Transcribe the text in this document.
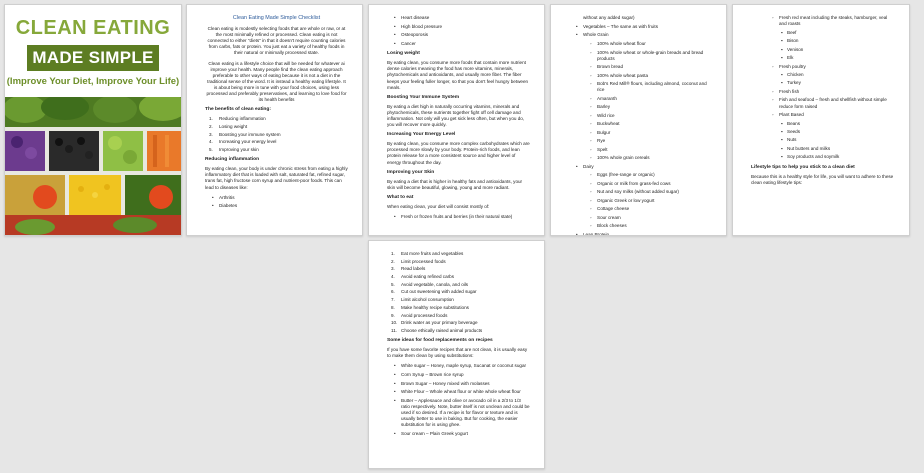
CLEAN EATING
MADE SIMPLE
(Improve Your Diet, Improve Your Life)
Clean Eating Made Simple Checklist
Clean eating is modestly selecting foods that are whole or raw, or at the most minimally refined or processed. Clean eating is not connected to either "diets" in that it doesn't require counting calories from carbs, fats or protein. You just eat a variety of healthy foods in their natural or minimally processed state.
Clean eating is a lifestyle choice that will be needed for whatever ai improve your health. Many people find the clean eating approach preferable to other ways of eating because it is not a diet in the traditional sense of the word. It is instead a healthy eating lifestyle. It is about being more in tune with your food choices, using less processed and preferably preservatives, and learning to love food for its health benefits
The benefits of clean eating:
1. Reducing inflammation
2. Losing weight
3. Boosting your immune system
4. Increasing your energy level
5. Improving your skin
Reducing inflammation
By eating clean, your body is under chronic stress from eating a highly inflammatory diet that is loaded with salt, saturated fat, refined sugar, trans fat, high fructose corn syrup and nutrient-poor foods. This can lead to diseases like:
• Arthritis
• Diabetes
• Heart disease
• High blood pressure
• Osteoporosis
• Cancer
Losing weight
By eating clean, you consume more foods that contain more nutrient dense calories meaning the food has more vitamins, minerals, phytochemicals and antioxidants, and usually more fiber. The fiber keeps your feeling fuller longer, so that you don't feel hungry between meals.
Boosting Your Immune System
By eating a diet high in naturally occurring vitamins, minerals and phytochemicals, these nutrients together fight off cell damage and inflammation. Not only will you get sick less often, but when you do, you will recover more quickly.
Increasing Your Energy Level
By eating clean, you consume more complex carbohydrates which are processed more slowly by your body. Protein-rich foods, and lean protein release for a more consistent source and higher level of energy throughout the day.
Improving your Skin
By eating a diet that is higher in healthy fats and antioxidants, your skin will become beautiful, glowing, young and more radiant.
What to eat
When eating clean, your diet will consist mostly of:
• Fresh or frozen fruits and berries (in their natural state)
without any added sugar)
• Vegetables – The same as with fruits
• Whole Grain
◦ 100% whole wheat flour
◦ 100% whole wheat or whole-grain breads and bread products
◦ Brown bread
◦ 100% whole wheat pasta
◦ Bob's Red Mill® flours, including almond, coconut and rice
◦ Amaranth
◦ Barley
◦ Wild rice
◦ Buckwheat
◦ Bulgur
◦ Rye
◦ Spelt
◦ 100% whole grain cereals
• Dairy
◦ Eggs (free-range or organic)
◦ Organic or milk from grass-fed cows
◦ Nut and soy milks (without added sugar)
◦ Organic Greek or low yogurt
◦ Cottage cheese
◦ Sour cream
◦ Block cheeses
• Lean Protein
◦ Fresh red meat including the steaks, hamburger, veal and roasts
▪ Beef
▪ Bison
▪ Venison
▪ Elk
◦ Fresh poultry
▪ Chicken
▪ Turkey
◦ Fresh fish
◦ Fish and seafood – fresh and shellfish without simple reduce form raised
◦ Plant Based
▪ Beans
▪ Seeds
▪ Nuts
▪ Nut butters and milks
▪ Soy products and soymilk
Lifestyle tips to help you stick to a clean diet
Because this is a healthy style for life, you will want to adhere to these clean eating lifestyle tips:
1. Eat more fruits and vegetables
2. Limit processed foods
3. Read labels
4. Avoid eating refined carbs
5. Avoid vegetable, canola, and oils
6. Cut out sweetening with added sugar
7. Limit alcohol consumption
8. Make healthy recipe substitutions
9. Avoid processed foods
10. Drink water as your primary beverage
11. Choose ethically raised animal products
Some ideas for food replacements on recipes
If you have some favorite recipes that are not clean, it is usually easy to make them clean by using substitutions:
• White sugar – Honey, maple syrup, Sucanat or coconut sugar
• Corn Syrup – Brown rice syrup
• Brown Sugar – Honey mixed with molasses
• White Flour – Whole wheat flour or white whole wheat flour
• Butter – Applesauce and olive or avocado oil in a 2/3 to 1/3 ratio respectively. Note, butter itself is not unclean and could be used if so desired. If a recipe is for flavor or texture and is usually better to use in baking. But for cooking, the easier substitution for is using ghee.
• Sour cream – Plain Greek yogurt
